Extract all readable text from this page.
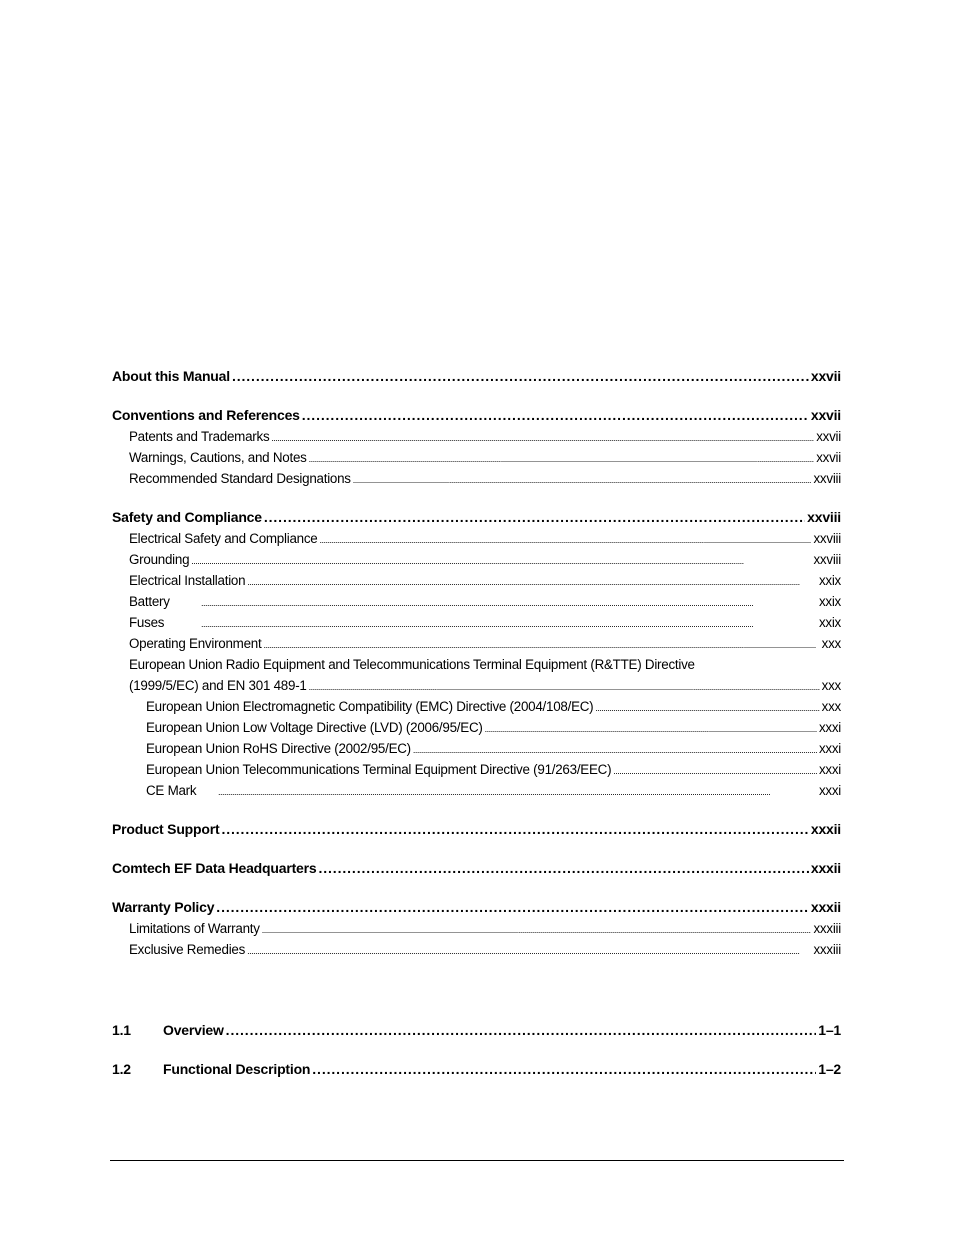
About this Manual . . .	xxvii
Conventions and References . . .	xxvii
Patents and Trademarks . . .	xxvii
Warnings, Cautions, and Notes . . .	xxvii
Recommended Standard Designations . . .	xxviii
Safety and Compliance . . .	xxviii
Electrical Safety and Compliance . . .	xxviii
Grounding . . .	xxviii
Electrical Installation . . .	xxix
Battery . . .	xxix
Fuses . . .	xxix
Operating Environment . . .	xxx
European Union Radio Equipment and Telecommunications Terminal Equipment (R&TTE) Directive
(1999/5/EC) and EN 301 489-1 . . .	xxx
European Union Electromagnetic Compatibility (EMC) Directive (2004/108/EC) . . .	xxx
European Union Low Voltage Directive (LVD) (2006/95/EC) . . .	xxxi
European Union RoHS Directive (2002/95/EC) . . .	xxxi
European Union Telecommunications Terminal Equipment Directive (91/263/EEC) . . .	xxxi
CE Mark . . .	xxxi
Product Support . . .	xxxii
Comtech EF Data Headquarters . . .	xxxii
Warranty Policy . . .	xxxii
Limitations of Warranty . . .	xxxiii
Exclusive Remedies . . .	xxxiii
1.1	Overview . . .	1–1
1.2	Functional Description . . .	1–2
